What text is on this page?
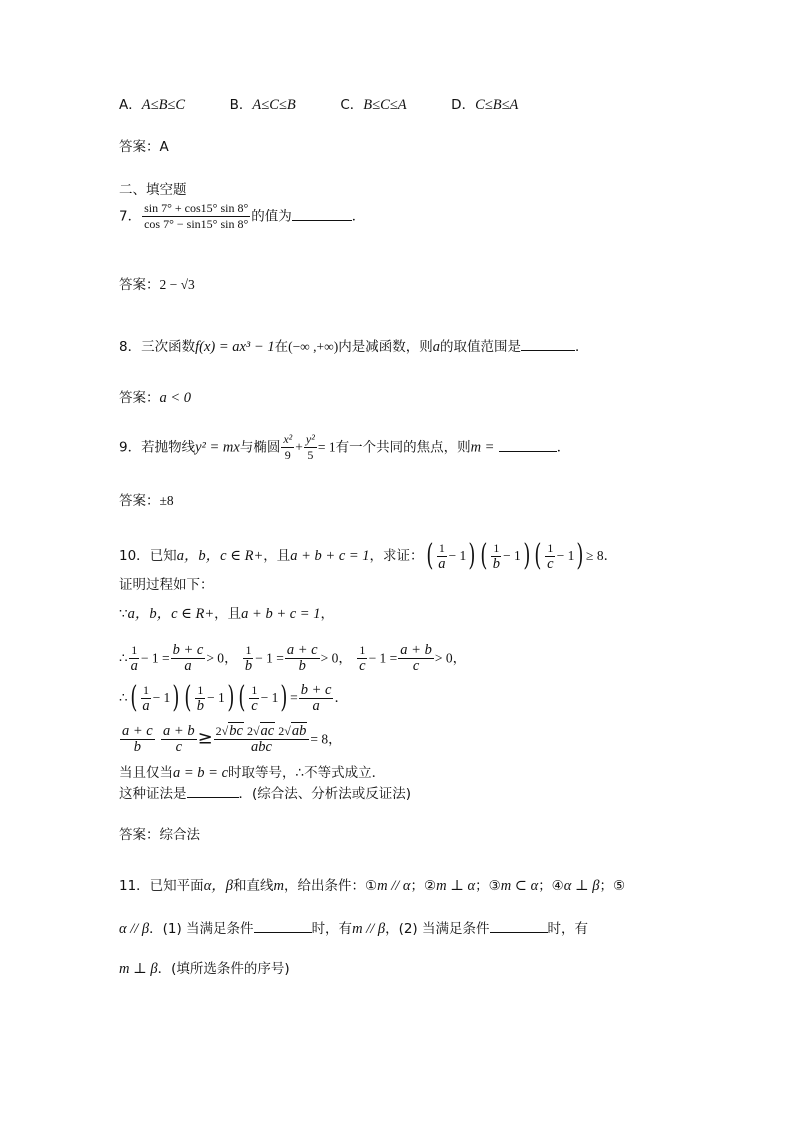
A．A≤B≤C	B．A≤C≤B	C．B≤C≤A	D．C≤B≤A
答案：A
二、填空题
7． $\frac{\sin 7^\circ + \cos 15^\circ \sin 8^\circ}{\cos 7^\circ - \sin 15^\circ \sin 8^\circ}$ 的值为	．
答案：2 − √3
8．三次函数f(x) = ax³ − 1在(−∞ ,+∞)内是减函数，则a的取值范围是	．
答案：a < 0
9．若抛物线y² = mx与椭圆 $\frac{\text{x²}}{9} + \frac{\text{y²}}{5} = 1$有一个共同的焦点，则m =	．
答案：±8
10．已知a，b，c ∈ R+，且a + b + c = 1，求证： ( $\frac{1}{a} - 1$ ) ( $\frac{1}{b} - 1$ ) ( $\frac{1}{c} - 1$ ) ≥ 8．
证明过程如下：
∵a，b，c ∈ R+，且a + b + c = 1，
∴ $\frac{1}{a} - 1 = \frac{b + c}{a} > 0$， $\frac{1}{b} - 1 = \frac{a + c}{b} > 0$， $\frac{1}{c} - 1 = \frac{a + b}{c} > 0$，
∴ ( $\frac{1}{a} - 1$ ) ( $\frac{1}{b} - 1$ ) ( $\frac{1}{c} - 1$ ) = $\frac{b + c}{a}$ ．
$\frac{a + c}{b}$
$\frac{a + b}{c} \ge \frac{2√bc 2√ac 2√ab}{\text{abc}} = 8$，
当且仅当a = b = c时取等号，∴不等式成立．
这种证法是	．(综合法、分析法或反证法)
答案：综合法
11．已知平面α，β和直线m，给出条件：①m // α；②m ⊥ α；③m ⊂ α；④α ⊥ β；⑤
α // β．(1) 当满足条件	时，有m // β，(2) 当满足条件	时，有
m ⊥ β．(填所选条件的序号)
